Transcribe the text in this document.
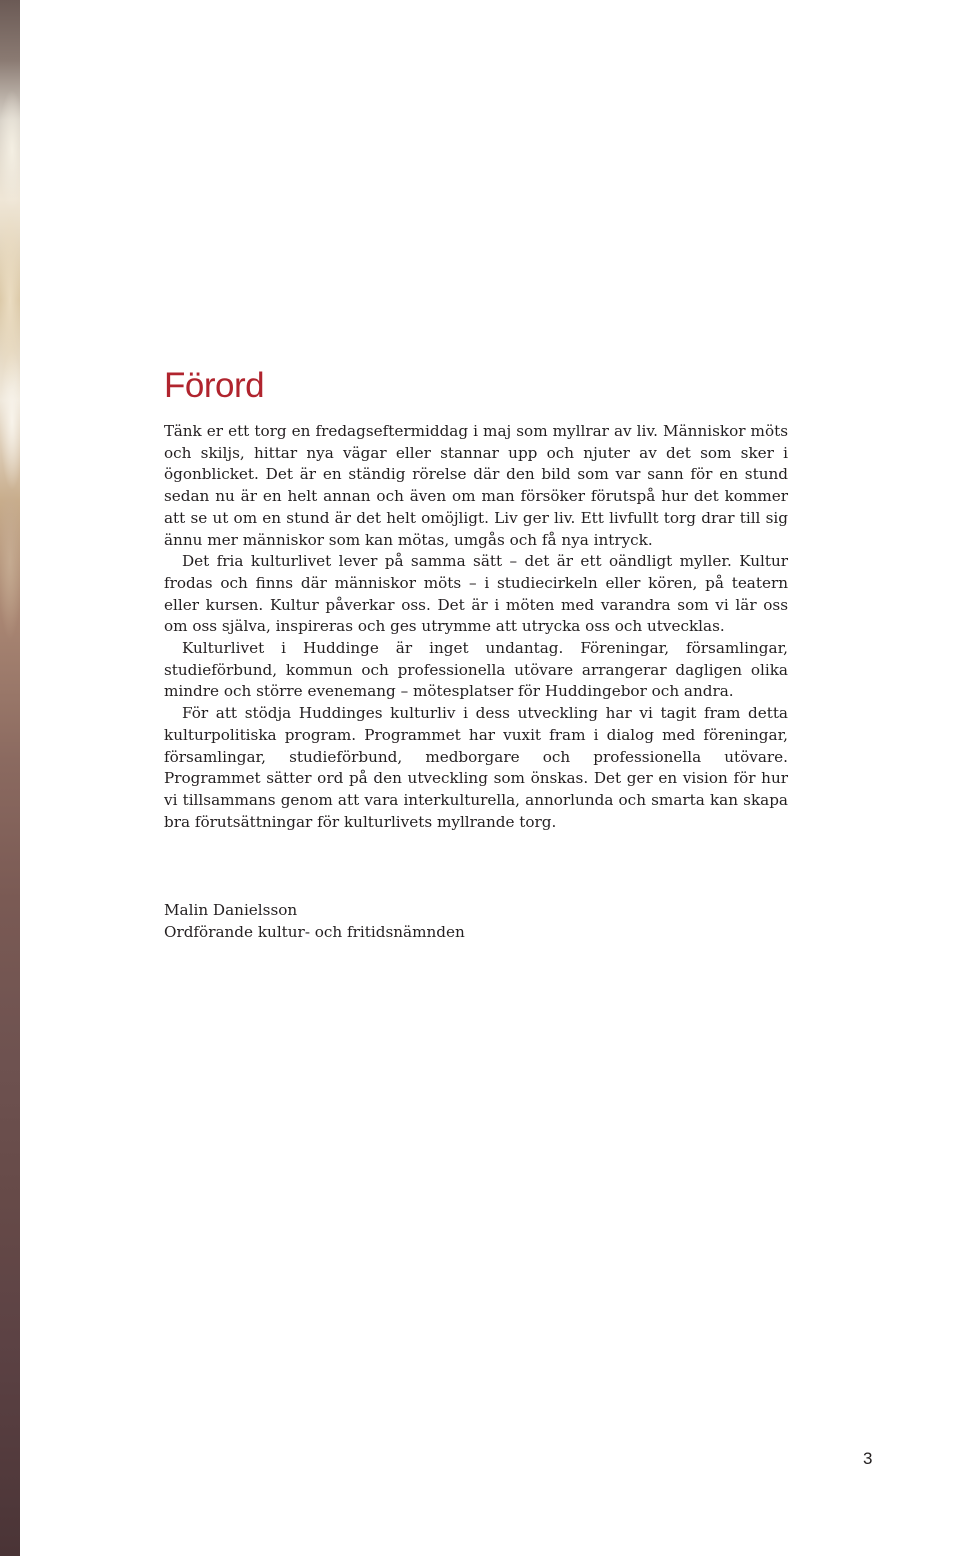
Förord

Tänk er ett torg en fredagseftermiddag i maj som myllrar av liv. Människor möts och skiljs, hittar nya vägar eller stannar upp och njuter av det som sker i ögonblicket. Det är en ständig rörelse där den bild som var sann för en stund sedan nu är en helt annan och även om man försöker förutspå hur det kommer att se ut om en stund är det helt omöjligt. Liv ger liv. Ett livfullt torg drar till sig ännu mer människor som kan mötas, umgås och få nya intryck.

Det fria kulturlivet lever på samma sätt – det är ett oändligt myller. Kultur frodas och finns där människor möts – i studiecirkeln eller kören, på teatern eller kursen. Kultur påverkar oss. Det är i möten med varandra som vi lär oss om oss själva, inspireras och ges utrymme att utrycka oss och utvecklas.

Kulturlivet i Huddinge är inget undantag. Föreningar, församlingar, studieförbund, kommun och professionella utövare arrangerar dagligen olika mindre och större evenemang – mötesplatser för Huddingebor och andra.

För att stödja Huddinges kulturliv i dess utveckling har vi tagit fram detta kulturpolitiska program. Programmet har vuxit fram i dialog med föreningar, församlingar, studieförbund, medborgare och professionella utövare. Programmet sätter ord på den utveckling som önskas. Det ger en vision för hur vi tillsammans genom att vara interkulturella, annorlunda och smarta kan skapa bra förutsättningar för kulturlivets myllrande torg.

Malin Danielsson
Ordförande kultur- och fritidsnämnden
3
